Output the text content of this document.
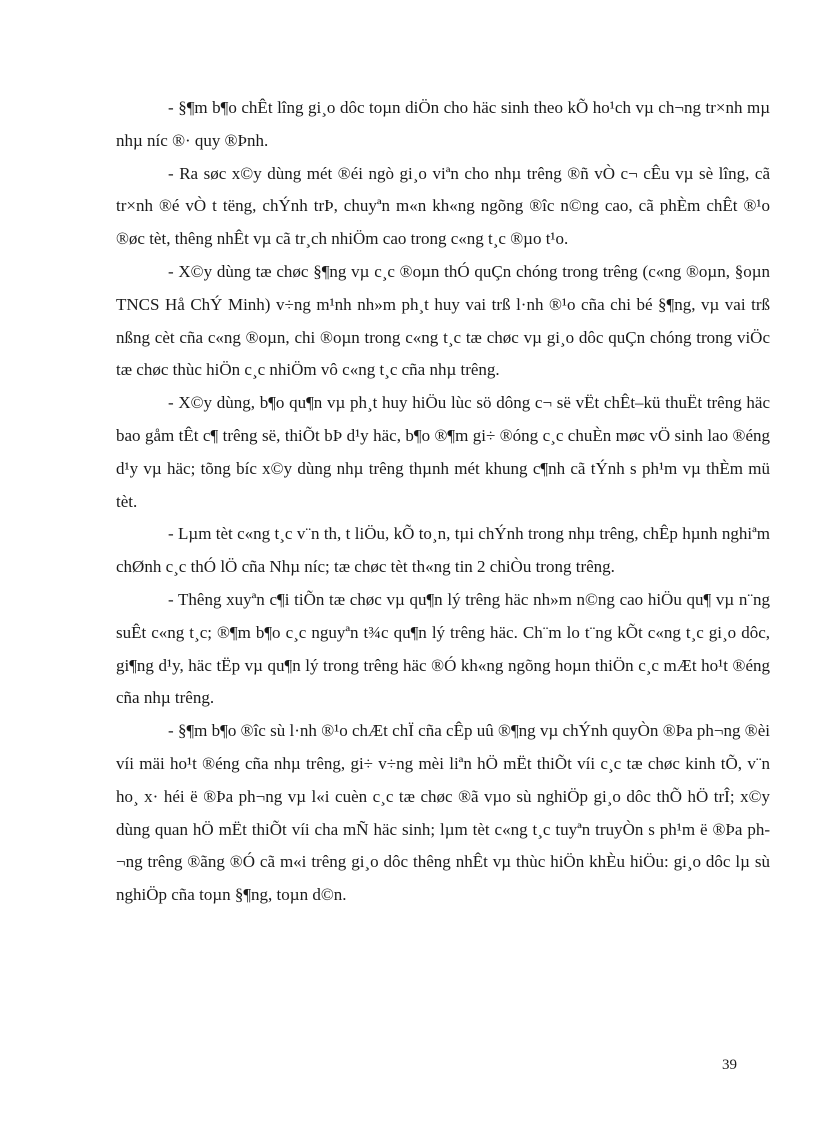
- §¶m b¶o chÊt lîng gi¸o dôc toµn diÖn cho häc sinh theo kÕ ho¹ch vµ ch¬ng tr×nh mµ nhµ níc ®· quy ®Þnh.

- Ra søc x©y dùng mét ®éi ngò gi¸o viªn cho nhµ trêng ®ñ vÒ c¬ cÊu vµ sè lîng, cã tr×nh ®é vÒ t tëng, chÝnh trÞ, chuyªn m«n kh«ng ngõng ®îc n©ng cao, cã phÈm chÊt ®¹o ®øc tèt, thêng nhÊt vµ cã tr¸ch nhiÖm cao trong c«ng t¸c ®µo t¹o.

- X©y dùng tæ chøc §¶ng vµ c¸c ®oµn thÓ quÇn chóng trong trêng (c«ng ®oµn, §oµn TNCS Hå ChÝ Minh) v÷ng m¹nh nh»m ph¸t huy vai trß l·nh ®¹o cña chi bé §¶ng, vµ vai trß nßng cèt cña c«ng ®oµn, chi ®oµn trong c«ng t¸c tæ chøc vµ gi¸o dôc quÇn chóng trong viÖc tæ chøc thùc hiÖn c¸c nhiÖm vô c«ng t¸c cña nhµ trêng.

- X©y dùng, b¶o qu¶n vµ ph¸t huy hiÖu lùc sö dông c¬ së vËt chÊt–kü thuËt trêng häc bao gåm tÊt c¶ trêng së, thiÕt bÞ d¹y häc, b¶o ®¶m gi÷ ®óng c¸c chuÈn møc vÖ sinh lao ®éng d¹y vµ häc; tõng bíc x©y dùng nhµ trêng thµnh mét khung c¶nh cã tÝnh s ph¹m vµ thÈm mü tèt.

- Lµm tèt c«ng t¸c v¨n th, t liÖu, kÕ to¸n, tµi chÝnh trong nhµ trêng, chÊp hµnh nghiªm chØnh c¸c thÓ lÖ cña Nhµ níc; tæ chøc tèt th«ng tin 2 chiÒu trong trêng.

- Thêng xuyªn c¶i tiÕn tæ chøc vµ qu¶n lý trêng häc nh»m n©ng cao hiÖu qu¶ vµ n¨ng suÊt c«ng t¸c; ®¶m b¶o c¸c nguyªn t¾c qu¶n lý trêng häc. Ch¨m lo t¨ng kÕt c«ng t¸c gi¸o dôc, gi¶ng d¹y, häc tËp vµ qu¶n lý trong trêng häc ®Ó kh«ng ngõng hoµn thiÖn c¸c mÆt ho¹t ®éng cña nhµ trêng.

- §¶m b¶o ®îc sù l·nh ®¹o chÆt chÏ cña cÊp uû ®¶ng vµ chÝnh quyÒn ®Þa ph¬ng ®èi víi mäi ho¹t ®éng cña nhµ trêng, gi÷ v÷ng mèi liªn hÖ mËt thiÕt víi c¸c tæ chøc kinh tÕ, v¨n ho¸ x· héi ë ®Þa ph¬ng vµ l«i cuèn c¸c tæ chøc ®ã vµo sù nghiÖp gi¸o dôc thÕ hÖ trÎ; x©y dùng quan hÖ mËt thiÕt víi cha mÑ häc sinh; lµm tèt c«ng t¸c tuyªn truyÒn s ph¹m ë ®Þa ph¬ng trêng ®ãng ®Ó cã m«i trêng gi¸o dôc thêng nhÊt vµ thùc hiÖn khÈu hiÖu: gi¸o dôc lµ sù nghiÖp cña toµn §¶ng, toµn d©n.

39
